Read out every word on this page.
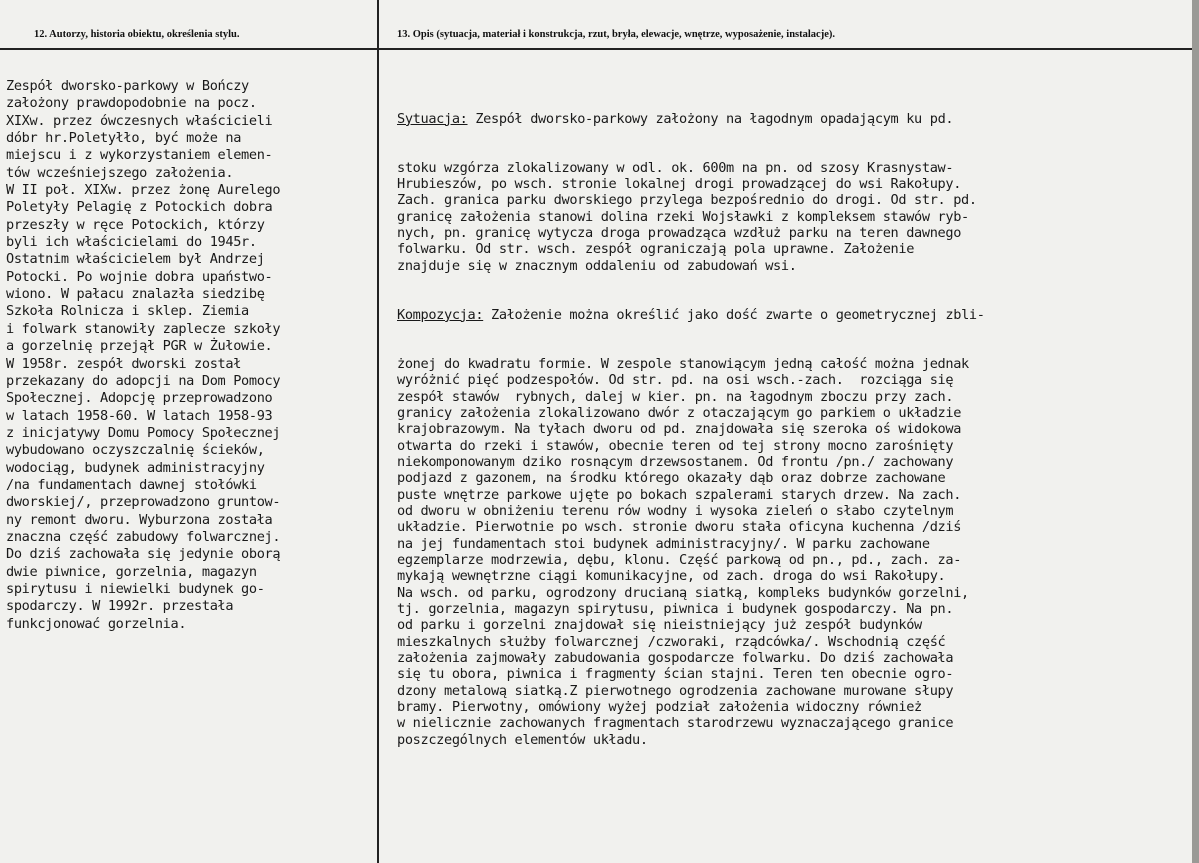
12. Autorzy, historia obiektu, określenia stylu.	13. Opis (sytuacja, materiał i konstrukcja, rzut, bryła, elewacje, wnętrze, wyposażenie, instalacje).
Zespół dworsko-parkowy w Bończy
założony prawdopodobnie na pocz.
XIXw. przez ówczesnych właścicieli
dóbr hr.Poletyłło, być może na
miejscu i z wykorzystaniem elemen-
tów wcześniejszego założenia.
W II poł. XIXw. przez żonę Aurelego
Poletyły Pelagię z Potockich dobra
przeszły w ręce Potockich, którzy
byli ich właścicielami do 1945r.
Ostatnim właścicielem był Andrzej
Potocki. Po wojnie dobra upaństwo-
wiono. W pałacu znalazła siedzibę
Szkoła Rolnicza i sklep. Ziemia
i folwark stanowiły zaplecze szkoły
a gorzelnię przejął PGR w Żułowie.
W 1958r. zespół dworski został
przekazany do adopcji na Dom Pomocy
Społecznej. Adopcję przeprowadzono
w latach 1958-60. W latach 1958-93
z inicjatywy Domu Pomocy Społecznej
wybudowano oczyszczalnię ścieków,
wodociąg, budynek administracyjny
/na fundamentach dawnej stołówki
dworskiej/, przeprowadzono gruntow-
ny remont dworu. Wyburzona została
znaczna część zabudowy folwarcznej.
Do dziś zachowała się jedynie oborą
dwie piwnice, gorzelnia, magazyn
spirytusu i niewielki budynek go-
spodarczy. W 1992r. przestała
funkcjonować gorzelnia.

Sytuacja: Zespół dworsko-parkowy założony na łagodnym opadającym ku pd.

stoku wzgórza zlokalizowany w odl. ok. 600m na pn. od szosy Krasnystaw-
Hrubieszów, po wsch. stronie lokalnej drogi prowadzącej do wsi Rakołupy.
Zach. granica parku dworskiego przylega bezpośrednio do drogi. Od str. pd.
granicę założenia stanowi dolina rzeki Wojsławki z kompleksem stawów ryb-
nych, pn. granicę wytycza droga prowadząca wzdłuż parku na teren dawnego
folwarku. Od str. wsch. zespół ograniczają pola uprawne. Założenie
znajduje się w znacznym oddaleniu od zabudowań wsi.

Kompozycja: Założenie można określić jako dość zwarte o geometrycznej zbli-

żonej do kwadratu formie. W zespole stanowiącym jedną całość można jednak
wyróżnić pięć podzespołów. Od str. pd. na osi wsch.-zach.  rozciąga się
zespół stawów  rybnych, dalej w kier. pn. na łagodnym zboczu przy zach.
granicy założenia zlokalizowano dwór z otaczającym go parkiem o układzie
krajobrazowym. Na tyłach dworu od pd. znajdowała się szeroka oś widokowa
otwarta do rzeki i stawów, obecnie teren od tej strony mocno zarośnięty
niekomponowanym dziko rosnącym drzewsostanem. Od frontu /pn./ zachowany
podjazd z gazonem, na środku którego okazały dąb oraz dobrze zachowane
puste wnętrze parkowe ujęte po bokach szpalerami starych drzew. Na zach.
od dworu w obniżeniu terenu rów wodny i wysoka zieleń o słabo czytelnym
układzie. Pierwotnie po wsch. stronie dworu stała oficyna kuchenna /dziś
na jej fundamentach stoi budynek administracyjny/. W parku zachowane
egzemplarze modrzewia, dębu, klonu. Część parkową od pn., pd., zach. za-
mykają wewnętrzne ciągi komunikacyjne, od zach. droga do wsi Rakołupy.
Na wsch. od parku, ogrodzony drucianą siatką, kompleks budynków gorzelni,
tj. gorzelnia, magazyn spirytusu, piwnica i budynek gospodarczy. Na pn.
od parku i gorzelni znajdował się nieistniejący już zespół budynków
mieszkalnych służby folwarcznej /czworaki, rządcówka/. Wschodnią część
założenia zajmowały zabudowania gospodarcze folwarku. Do dziś zachowała
się tu obora, piwnica i fragmenty ścian stajni. Teren ten obecnie ogro-
dzony metalową siatką.Z pierwotnego ogrodzenia zachowane murowane słupy
bramy. Pierwotny, omówiony wyżej podział założenia widoczny również
w nielicznie zachowanych fragmentach starodrzewu wyznaczającego granice
poszczególnych elementów układu.
